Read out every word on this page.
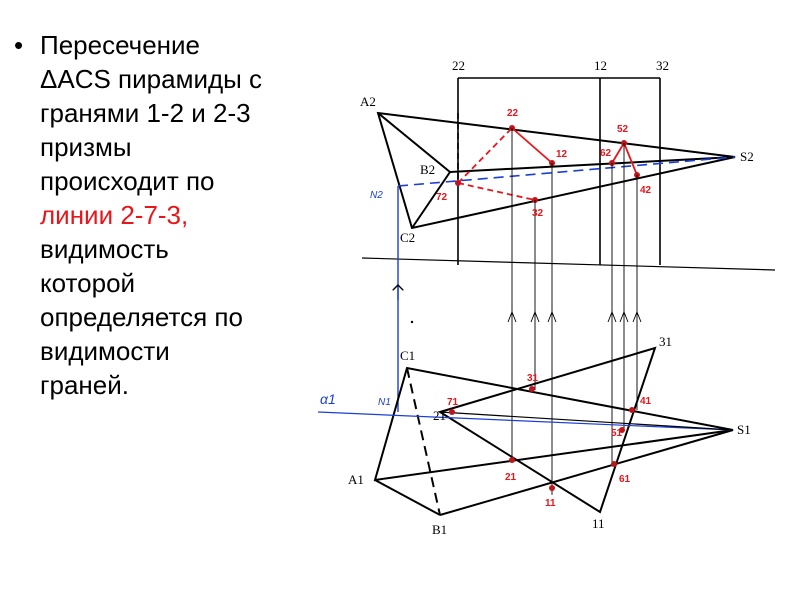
• Пересечение
ΔACS пирамиды с
гранями 1-2 и 2-3
призмы
происходит по
линии 2-7-3,
видимость
которой
определяется по
видимости
граней.
A2
B2
C2
S2
22	12	32
22
12
72
32
62
52
42
N2
C1
A1
B1
S1
21
31
11
71
31
41
51
21
11
61
N1
α1
